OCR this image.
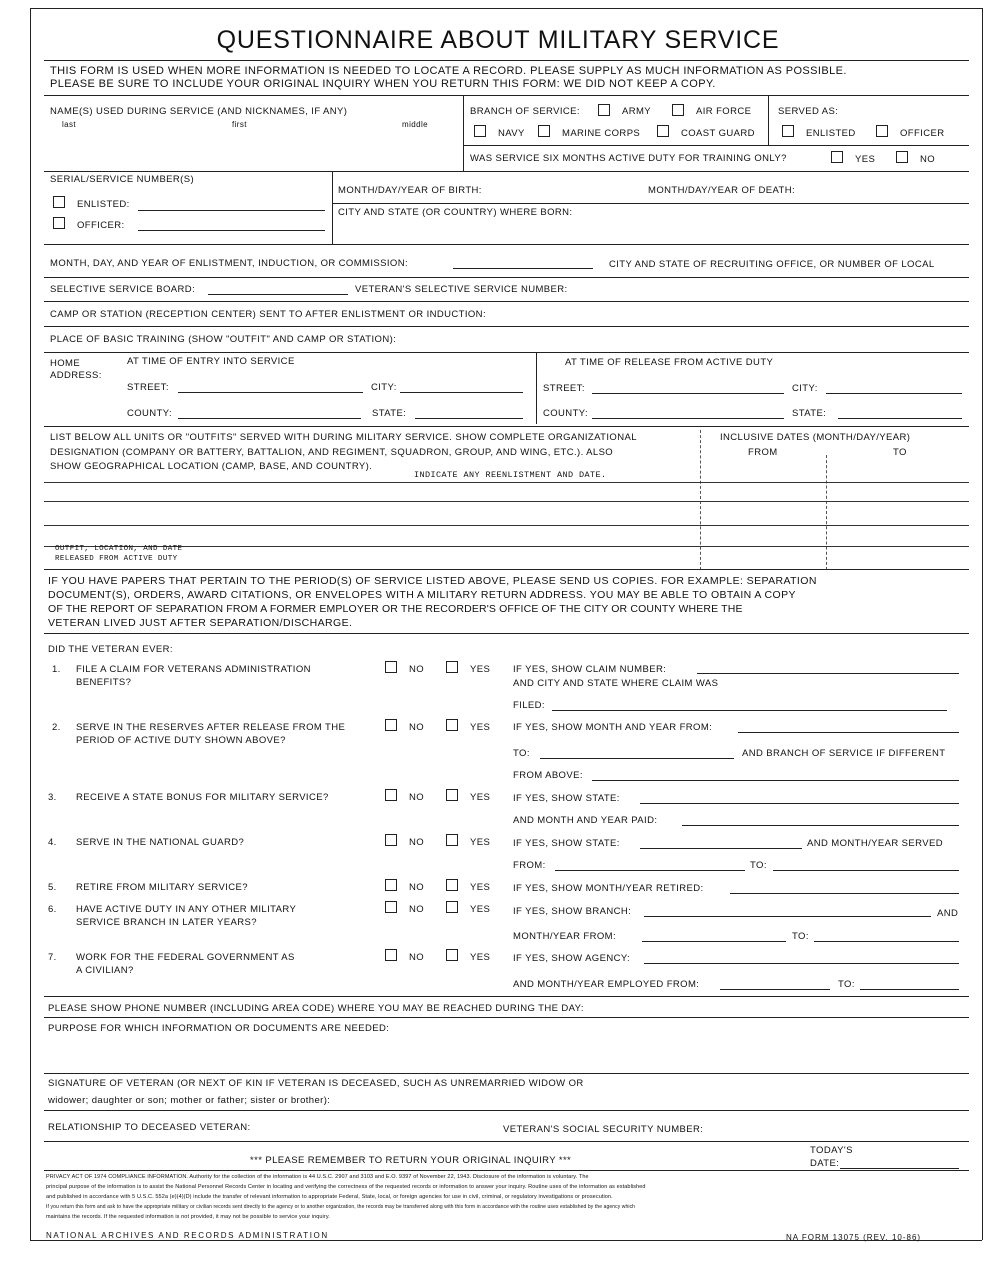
QUESTIONNAIRE ABOUT MILITARY SERVICE
THIS FORM IS USED WHEN MORE INFORMATION IS NEEDED TO LOCATE A RECORD. PLEASE SUPPLY AS MUCH INFORMATION AS POSSIBLE.
PLEASE BE SURE TO INCLUDE YOUR ORIGINAL INQUIRY WHEN YOU RETURN THIS FORM: WE DID NOT KEEP A COPY.
NAME(S) USED DURING SERVICE (AND NICKNAMES, IF ANY)
last	first	middle
BRANCH OF SERVICE:	ARMY	AIR FORCE
NAVY	MARINE CORPS	COAST GUARD
SERVED AS:
ENLISTED	OFFICER
WAS SERVICE SIX MONTHS ACTIVE DUTY FOR TRAINING ONLY?	YES	NO
SERIAL/SERVICE NUMBER(S)
ENLISTED:
OFFICER:
MONTH/DAY/YEAR OF BIRTH:	MONTH/DAY/YEAR OF DEATH:
CITY AND STATE (OR COUNTRY) WHERE BORN:
MONTH, DAY, AND YEAR OF ENLISTMENT, INDUCTION, OR COMMISSION:	CITY AND STATE OF RECRUITING OFFICE, OR NUMBER OF LOCAL
SELECTIVE SERVICE BOARD:	VETERAN'S SELECTIVE SERVICE NUMBER:
CAMP OR STATION (RECEPTION CENTER) SENT TO AFTER ENLISTMENT OR INDUCTION:
PLACE OF BASIC TRAINING (SHOW "OUTFIT" AND CAMP OR STATION):
HOME
ADDRESS:
AT TIME OF ENTRY INTO SERVICE
STREET:	CITY:
COUNTY:	STATE:
AT TIME OF RELEASE FROM ACTIVE DUTY
STREET:	CITY:
COUNTY:	STATE:
LIST BELOW ALL UNITS OR "OUTFITS" SERVED WITH DURING MILITARY SERVICE. SHOW COMPLETE ORGANIZATIONAL
DESIGNATION (COMPANY OR BATTERY, BATTALION, AND REGIMENT, SQUADRON, GROUP, AND WING, ETC.). ALSO
SHOW GEOGRAPHICAL LOCATION (CAMP, BASE, AND COUNTRY).
INDICATE ANY REENLISTMENT AND DATE.
INCLUSIVE DATES (MONTH/DAY/YEAR)
FROM	TO
OUTFIT, LOCATION, AND DATE
RELEASED FROM ACTIVE DUTY
IF YOU HAVE PAPERS THAT PERTAIN TO THE PERIOD(S) OF SERVICE LISTED ABOVE, PLEASE SEND US COPIES. FOR EXAMPLE: SEPARATION
DOCUMENT(S), ORDERS, AWARD CITATIONS, OR ENVELOPES WITH A MILITARY RETURN ADDRESS. YOU MAY BE ABLE TO OBTAIN A COPY
OF THE REPORT OF SEPARATION FROM A FORMER EMPLOYER OR THE RECORDER'S OFFICE OF THE CITY OR COUNTY WHERE THE
VETERAN LIVED JUST AFTER SEPARATION/DISCHARGE.
DID THE VETERAN EVER:
1. FILE A CLAIM FOR VETERANS ADMINISTRATION
BENEFITS?
NO	YES IF YES, SHOW CLAIM NUMBER:
AND CITY AND STATE WHERE CLAIM WAS
FILED:
2. SERVE IN THE RESERVES AFTER RELEASE FROM THE
PERIOD OF ACTIVE DUTY SHOWN ABOVE?
NO	YES IF YES, SHOW MONTH AND YEAR FROM:
TO:	AND BRANCH OF SERVICE IF DIFFERENT
FROM ABOVE:
3. RECEIVE A STATE BONUS FOR MILITARY SERVICE?	NO	YES IF YES, SHOW STATE:
AND MONTH AND YEAR PAID:
4. SERVE IN THE NATIONAL GUARD?	NO	YES IF YES, SHOW STATE:	AND MONTH/YEAR SERVED
FROM:	TO:
5. RETIRE FROM MILITARY SERVICE?	NO	YES IF YES, SHOW MONTH/YEAR RETIRED:
6. HAVE ACTIVE DUTY IN ANY OTHER MILITARY
SERVICE BRANCH IN LATER YEARS?
NO	YES IF YES, SHOW BRANCH:	AND
MONTH/YEAR FROM:	TO:
7. WORK FOR THE FEDERAL GOVERNMENT AS
A CIVILIAN?
NO	YES IF YES, SHOW AGENCY:
AND MONTH/YEAR EMPLOYED FROM:	TO:
PLEASE SHOW PHONE NUMBER (INCLUDING AREA CODE) WHERE YOU MAY BE REACHED DURING THE DAY:
PURPOSE FOR WHICH INFORMATION OR DOCUMENTS ARE NEEDED:
SIGNATURE OF VETERAN (OR NEXT OF KIN IF VETERAN IS DECEASED, SUCH AS UNREMARRIED WIDOW OR
widower; daughter or son; mother or father; sister or brother):
RELATIONSHIP TO DECEASED VETERAN:	VETERAN'S SOCIAL SECURITY NUMBER:
*** PLEASE REMEMBER TO RETURN YOUR ORIGINAL INQUIRY ***
TODAY'S
DATE:
PRIVACY ACT OF 1974 COMPLIANCE INFORMATION. Authority for the collection of the information is 44 U.S.C. 2907 and 3103 and E.O. 9397 of November 22, 1943. Disclosure of the information is voluntary. The
principal purpose of the information is to assist the National Personnel Records Center in locating and verifying the correctness of the requested records or information to answer your inquiry. Routine uses of the information as established
and published in accordance with 5 U.S.C. 552a (e)(4)(D) include the transfer of relevant information to appropriate Federal, State, local, or foreign agencies for use in civil, criminal, or regulatory investigations or prosecution.
If you return this form and ask to have the appropriate military or civilian records sent directly to the agency or to another organization, the records may be transferred along with this form in accordance with the routine uses established by the agency which
maintains the records. If the requested information is not provided, it may not be possible to service your inquiry.
NATIONAL ARCHIVES AND RECORDS ADMINISTRATION	NA FORM 13075 (REV. 10-86)
